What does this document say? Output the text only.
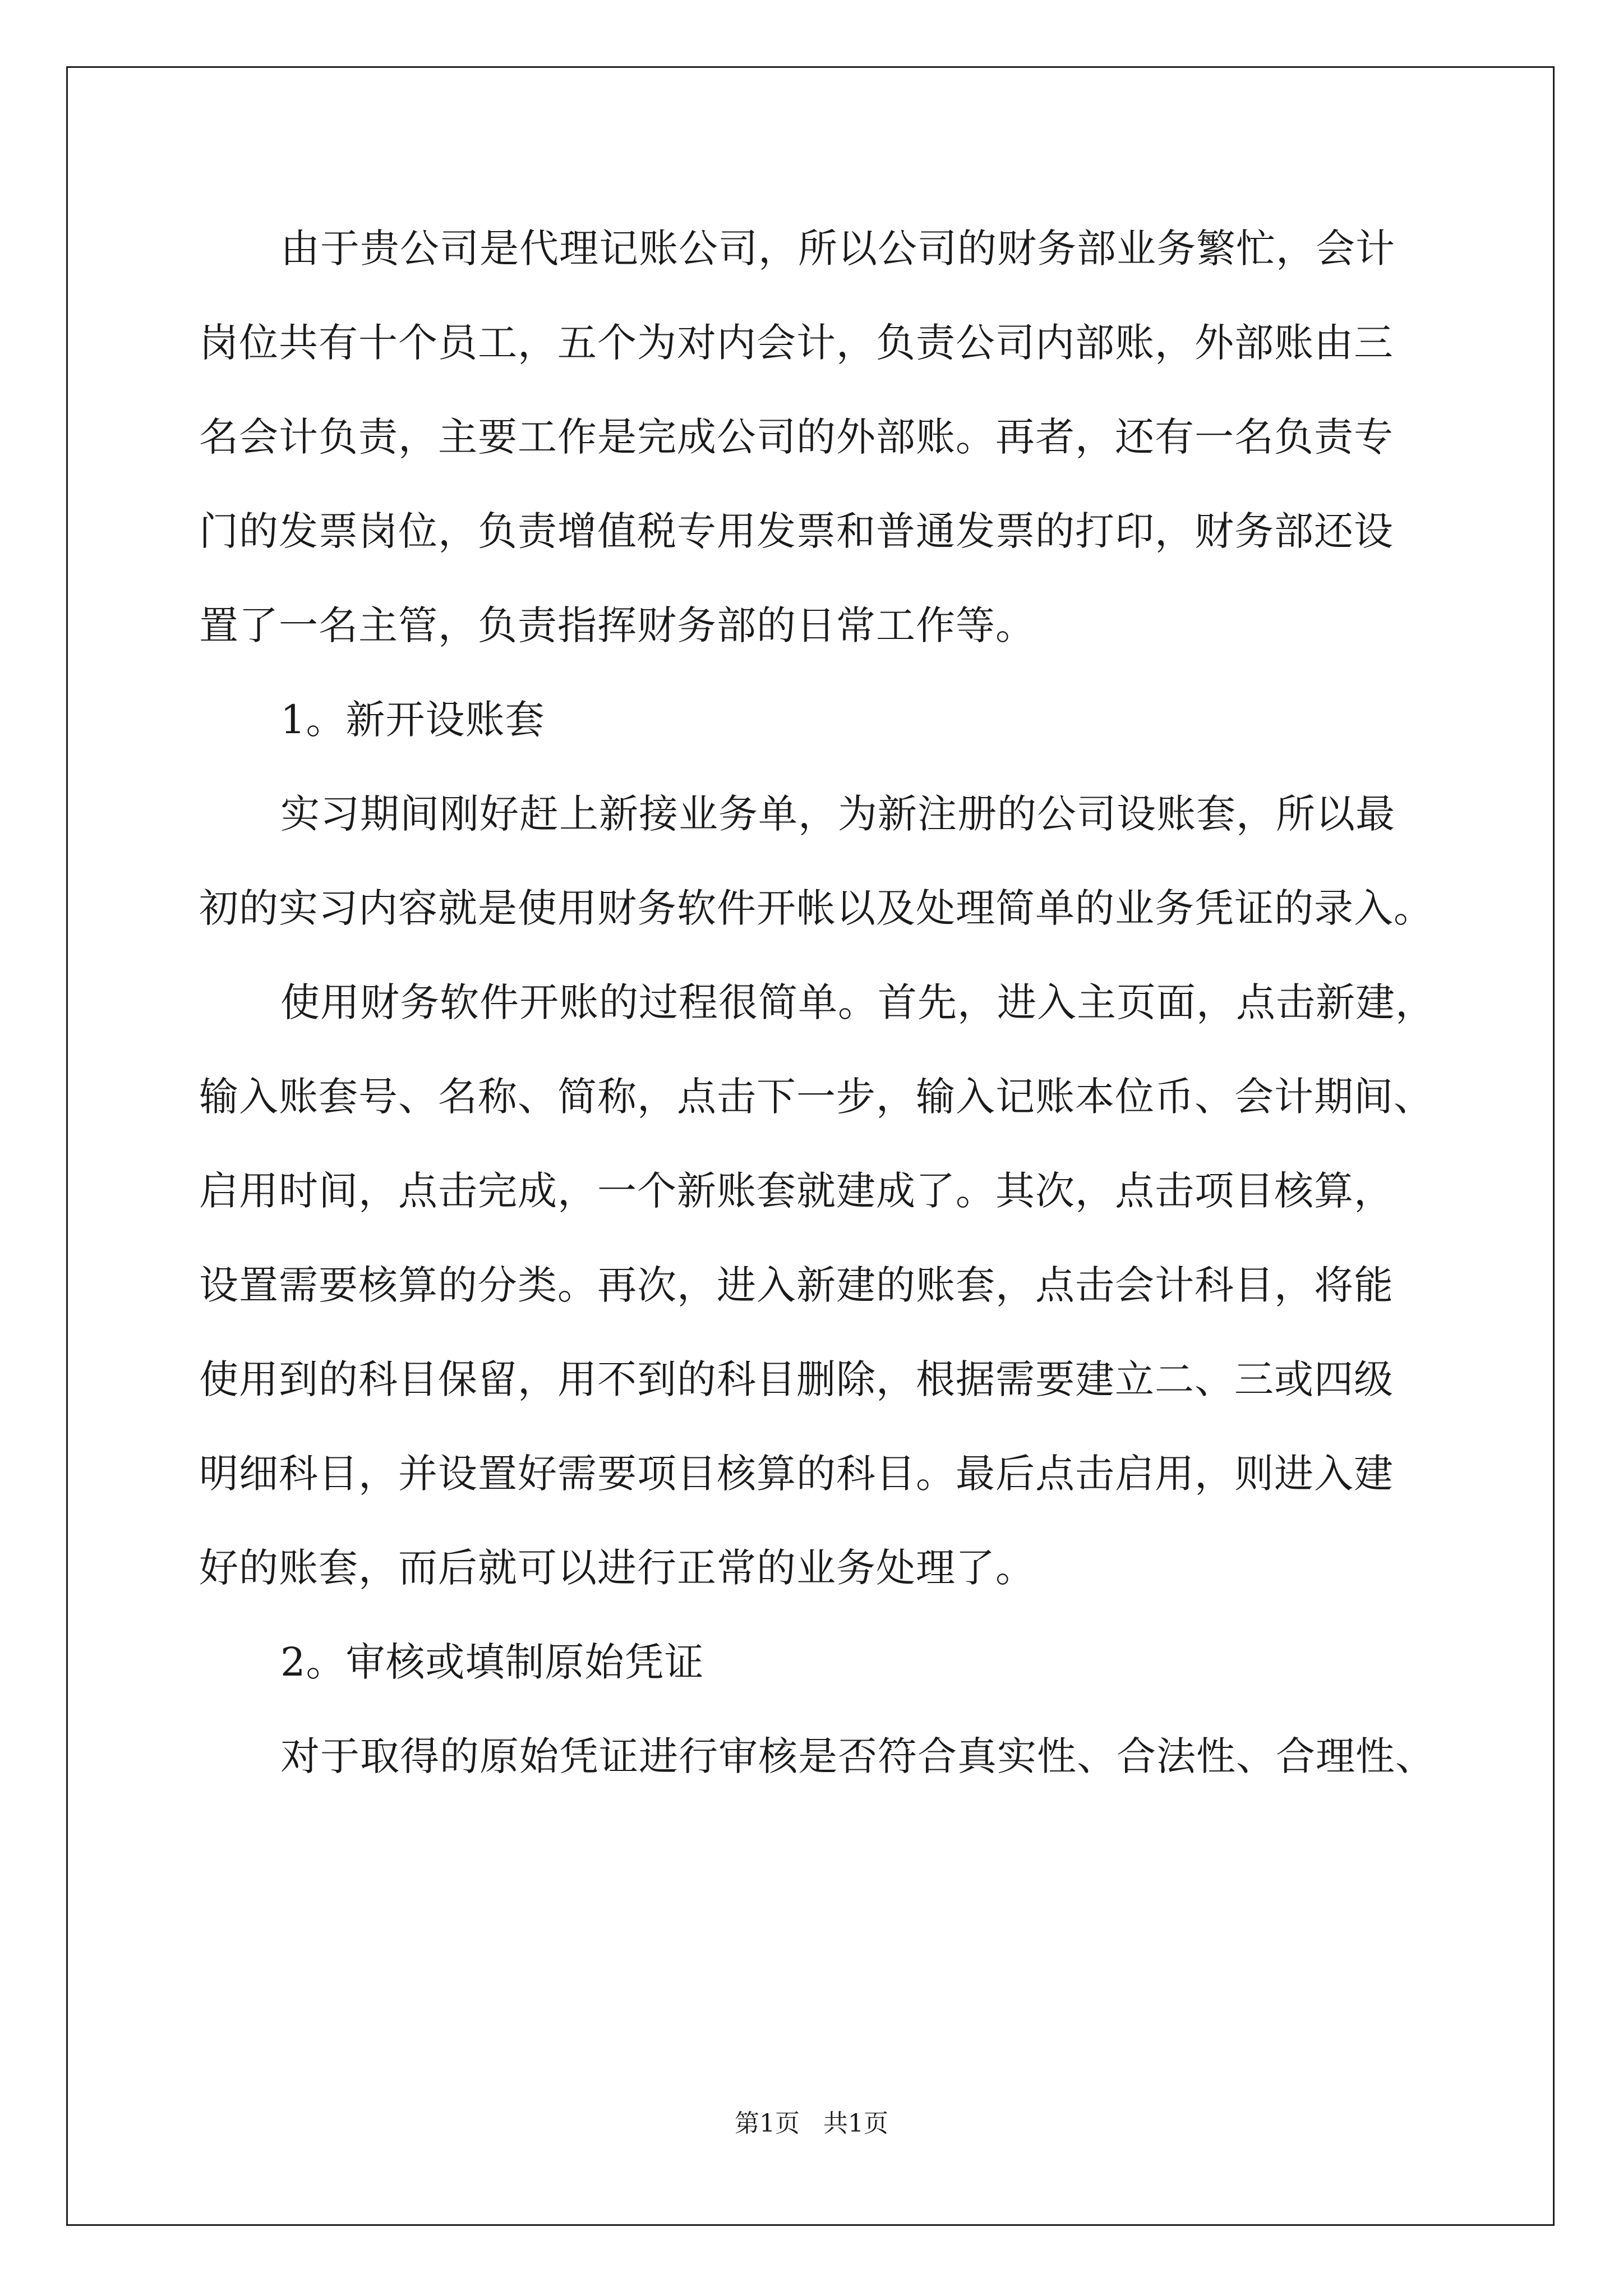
由于贵公司是代理记账公司，所以公司的财务部业务繁忙，会计
岗位共有十个员工，五个为对内会计，负责公司内部账，外部账由三
名会计负责，主要工作是完成公司的外部账。再者，还有一名负责专
门的发票岗位，负责增值税专用发票和普通发票的打印，财务部还设
置了一名主管，负责指挥财务部的日常工作等。
1。新开设账套
实习期间刚好赶上新接业务单，为新注册的公司设账套，所以最
初的实习内容就是使用财务软件开帐以及处理简单的业务凭证的录入。
使用财务软件开账的过程很简单。首先，进入主页面，点击新建，
输入账套号、名称、简称，点击下一步，输入记账本位币、会计期间、
启用时间，点击完成，一个新账套就建成了。其次，点击项目核算，
设置需要核算的分类。再次，进入新建的账套，点击会计科目，将能
使用到的科目保留，用不到的科目删除，根据需要建立二、三或四级
明细科目，并设置好需要项目核算的科目。最后点击启用，则进入建
好的账套，而后就可以进行正常的业务处理了。
2。审核或填制原始凭证
对于取得的原始凭证进行审核是否符合真实性、合法性、合理性、
第1页   共1页
